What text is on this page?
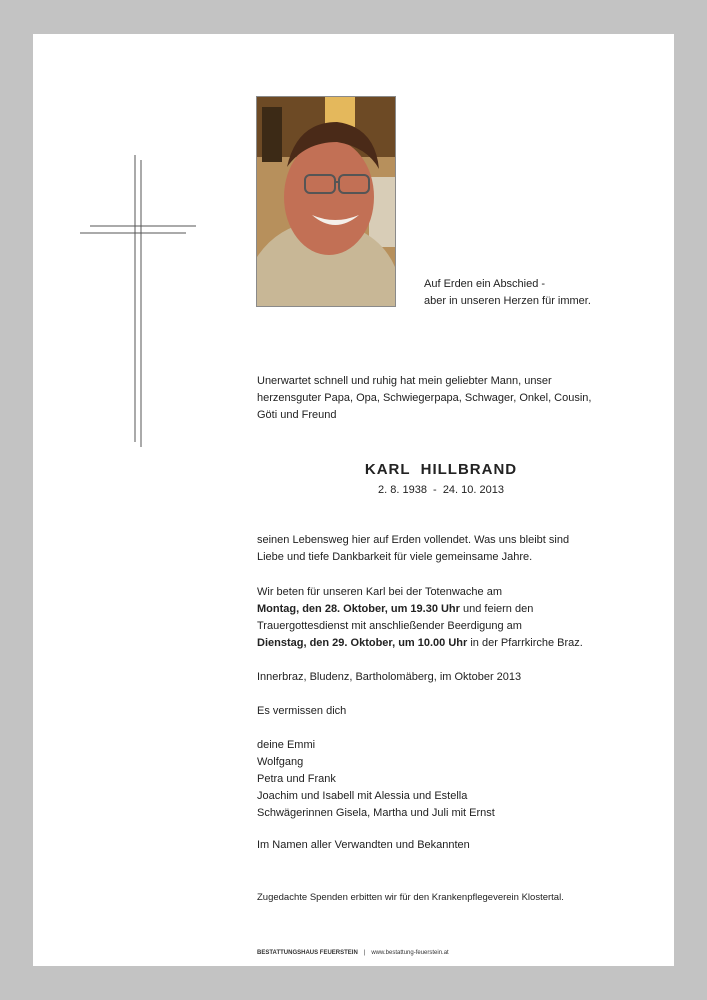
Auf Erden ein Abschied -
aber in unseren Herzen für immer.
Unerwartet schnell und ruhig hat mein geliebter Mann, unser
herzensguter Papa, Opa, Schwiegerpapa, Schwager, Onkel, Cousin,
Göti und Freund
KARL  HILLBRAND
2. 8. 1938  -  24. 10. 2013
seinen Lebensweg hier auf Erden vollendet. Was uns bleibt sind
Liebe und tiefe Dankbarkeit für viele gemeinsame Jahre.
Wir beten für unseren Karl bei der Totenwache am
Montag, den 28. Oktober, um 19.30 Uhr und feiern den
Trauergottesdienst mit anschließender Beerdigung am
Dienstag, den 29. Oktober, um 10.00 Uhr in der Pfarrkirche Braz.
Innerbraz, Bludenz, Bartholomäberg, im Oktober 2013
Es vermissen dich
deine Emmi
Wolfgang
Petra und Frank
Joachim und Isabell mit Alessia und Estella
Schwägerinnen Gisela, Martha und Juli mit Ernst
Im Namen aller Verwandten und Bekannten
Zugedachte Spenden erbitten wir für den Krankenpflegeverein Klostertal.
BESTATTUNGSHAUS FEUERSTEIN | www.bestattung-feuerstein.at
